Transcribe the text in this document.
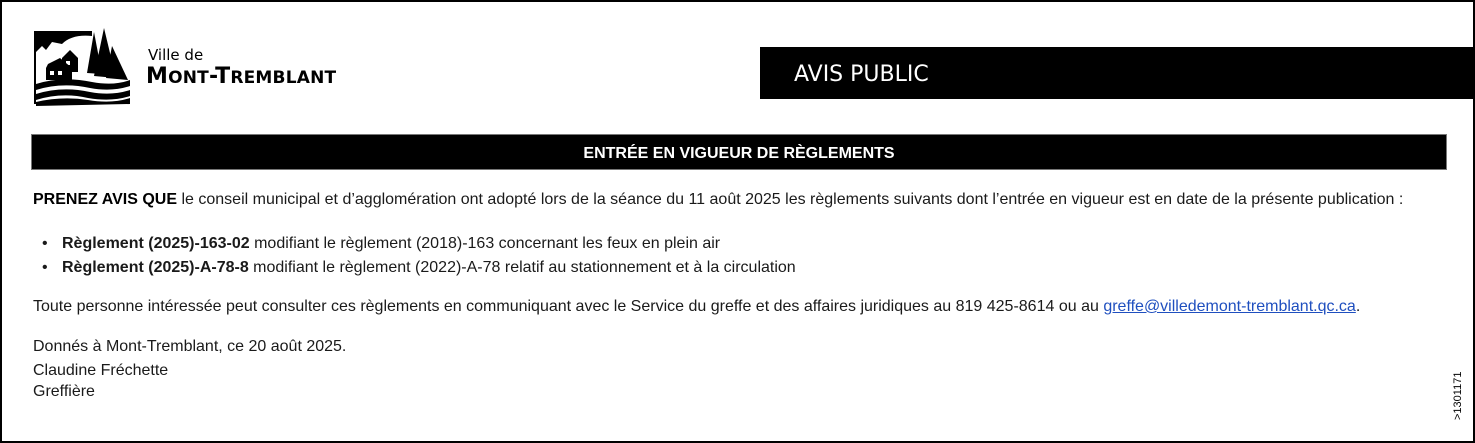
Ville de
MONT-TREMBLANT	AVIS PUBLIC
ENTRÉE EN VIGUEUR DE RÈGLEMENTS
PRENEZ AVIS QUE le conseil municipal et d’agglomération ont adopté lors de la séance du 11 août 2025 les règlements suivants dont l’entrée en vigueur est en date de la présente publication :
• Règlement (2025)-163-02 modifiant le règlement (2018)-163 concernant les feux en plein air
• Règlement (2025)-A-78-8 modifiant le règlement (2022)-A-78 relatif au stationnement et à la circulation
Toute personne intéressée peut consulter ces règlements en communiquant avec le Service du greffe et des affaires juridiques au 819 425-8614 ou au greffe@villedemont-tremblant.qc.ca.
Donnés à Mont-Tremblant, ce 20 août 2025.
Claudine Fréchette
Greffière	>1301171
